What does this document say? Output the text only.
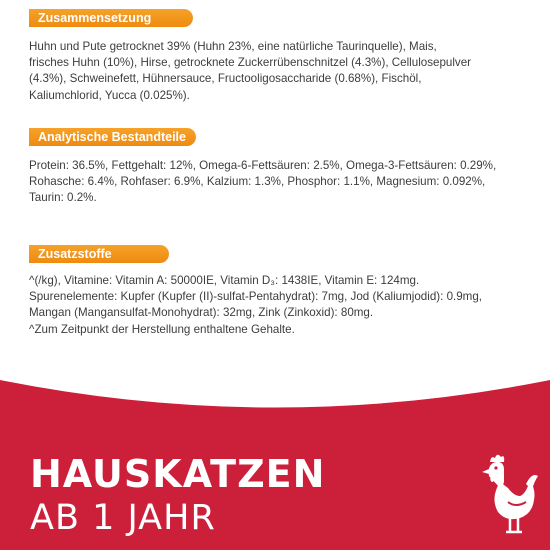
Zusammensetzung

Huhn und Pute getrocknet 39% (Huhn 23%, eine natürliche Taurinquelle), Mais,
frisches Huhn (10%), Hirse, getrocknete Zuckerrübenschnitzel (4.3%), Cellulosepulver
(4.3%), Schweinefett, Hühnersauce, Fructooligosaccharide (0.68%), Fischöl,
Kaliumchlorid, Yucca (0.025%).

Analytische Bestandteile

Protein: 36.5%, Fettgehalt: 12%, Omega-6-Fettsäuren: 2.5%, Omega-3-Fettsäuren: 0.29%,
Rohasche: 6.4%, Rohfaser: 6.9%, Kalzium: 1.3%, Phosphor: 1.1%, Magnesium: 0.092%,
Taurin: 0.2%.

Zusatzstoffe

^(/kg), Vitamine: Vitamin A: 50000IE, Vitamin D₃: 1438IE, Vitamin E: 124mg.
Spurenelemente: Kupfer (Kupfer (II)-sulfat-Pentahydrat): 7mg, Jod (Kaliumjodid): 0.9mg,
Mangan (Mangansulfat-Monohydrat): 32mg, Zink (Zinkoxid): 80mg.
^Zum Zeitpunkt der Herstellung enthaltene Gehalte.

HAUSKATZEN
AB 1 JAHR
